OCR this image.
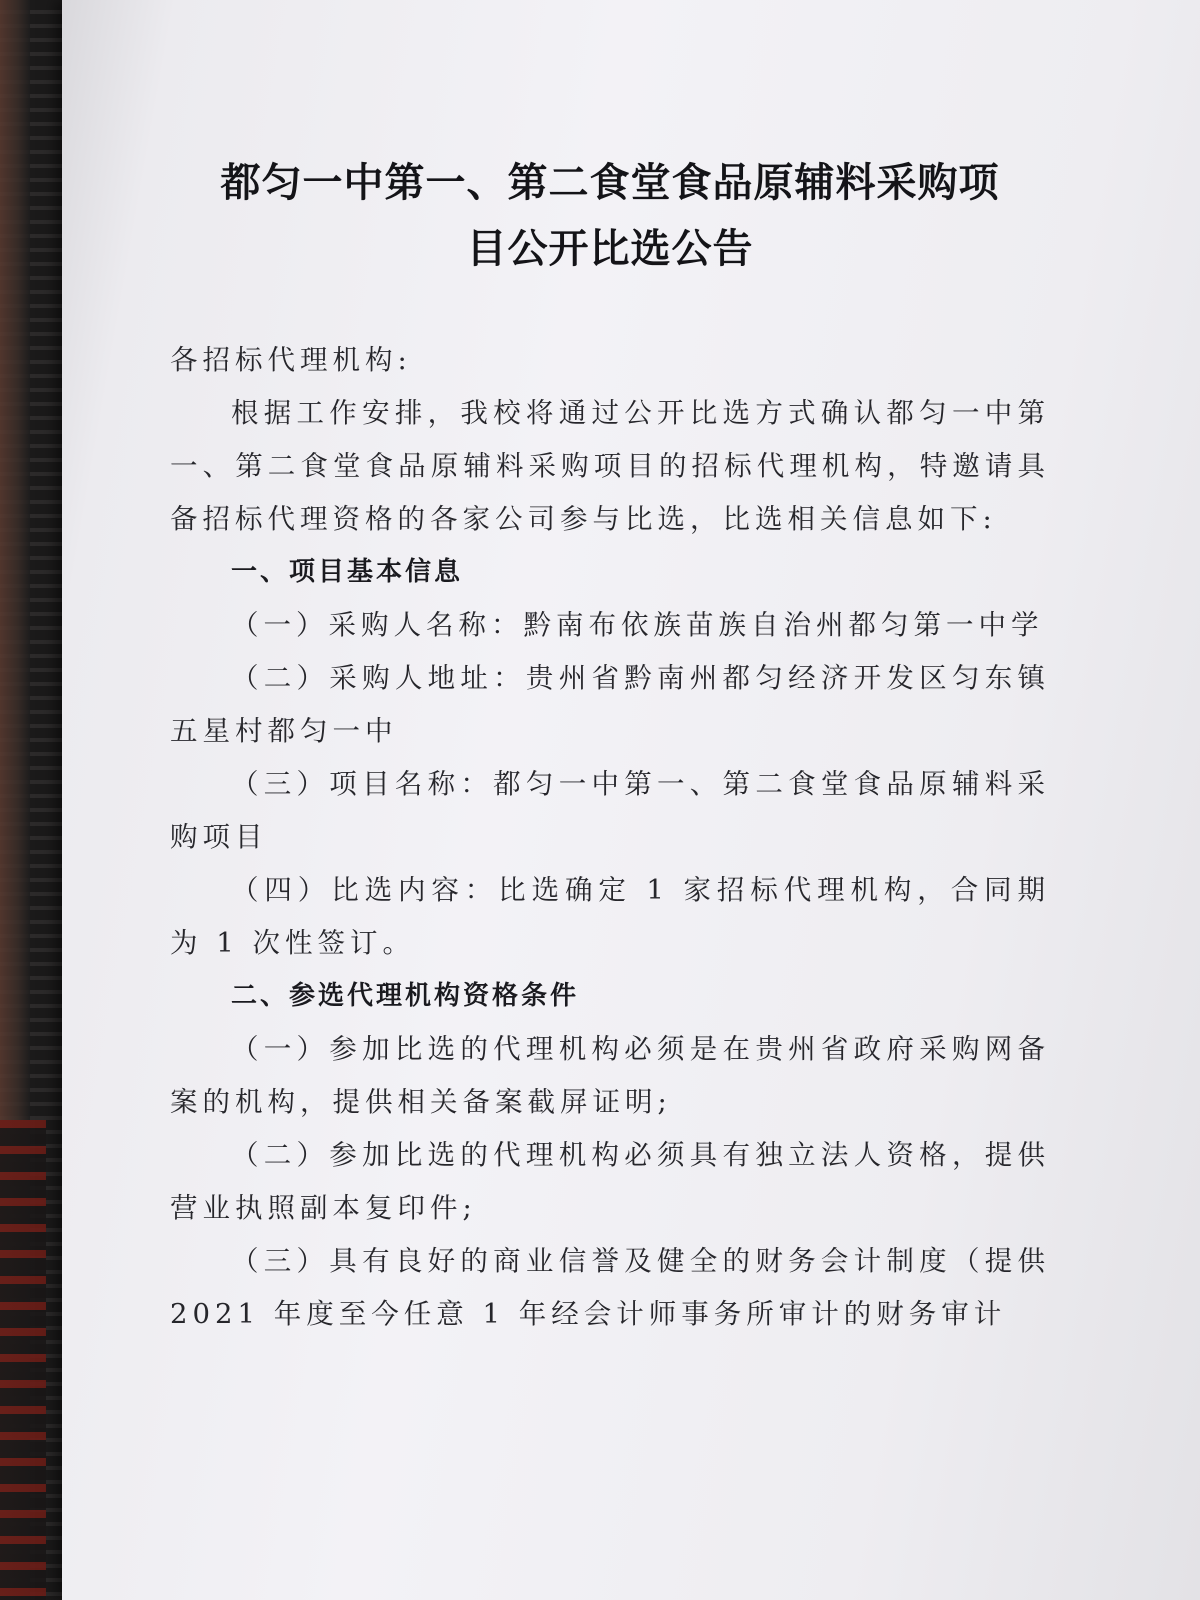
都匀一中第一、第二食堂食品原辅料采购项
目公开比选公告

各招标代理机构:

根据工作安排，我校将通过公开比选方式确认都匀一中第一、第二食堂食品原辅料采购项目的招标代理机构，特邀请具备招标代理资格的各家公司参与比选，比选相关信息如下:

一、项目基本信息

（一）采购人名称：黔南布依族苗族自治州都匀第一中学

（二）采购人地址：贵州省黔南州都匀经济开发区匀东镇五星村都匀一中

（三）项目名称：都匀一中第一、第二食堂食品原辅料采购项目

（四）比选内容：比选确定 1 家招标代理机构，合同期为 1 次性签订。

二、参选代理机构资格条件

（一）参加比选的代理机构必须是在贵州省政府采购网备案的机构，提供相关备案截屏证明;

（二）参加比选的代理机构必须具有独立法人资格，提供营业执照副本复印件;

（三）具有良好的商业信誉及健全的财务会计制度（提供 2021 年度至今任意 1 年经会计师事务所审计的财务审计
